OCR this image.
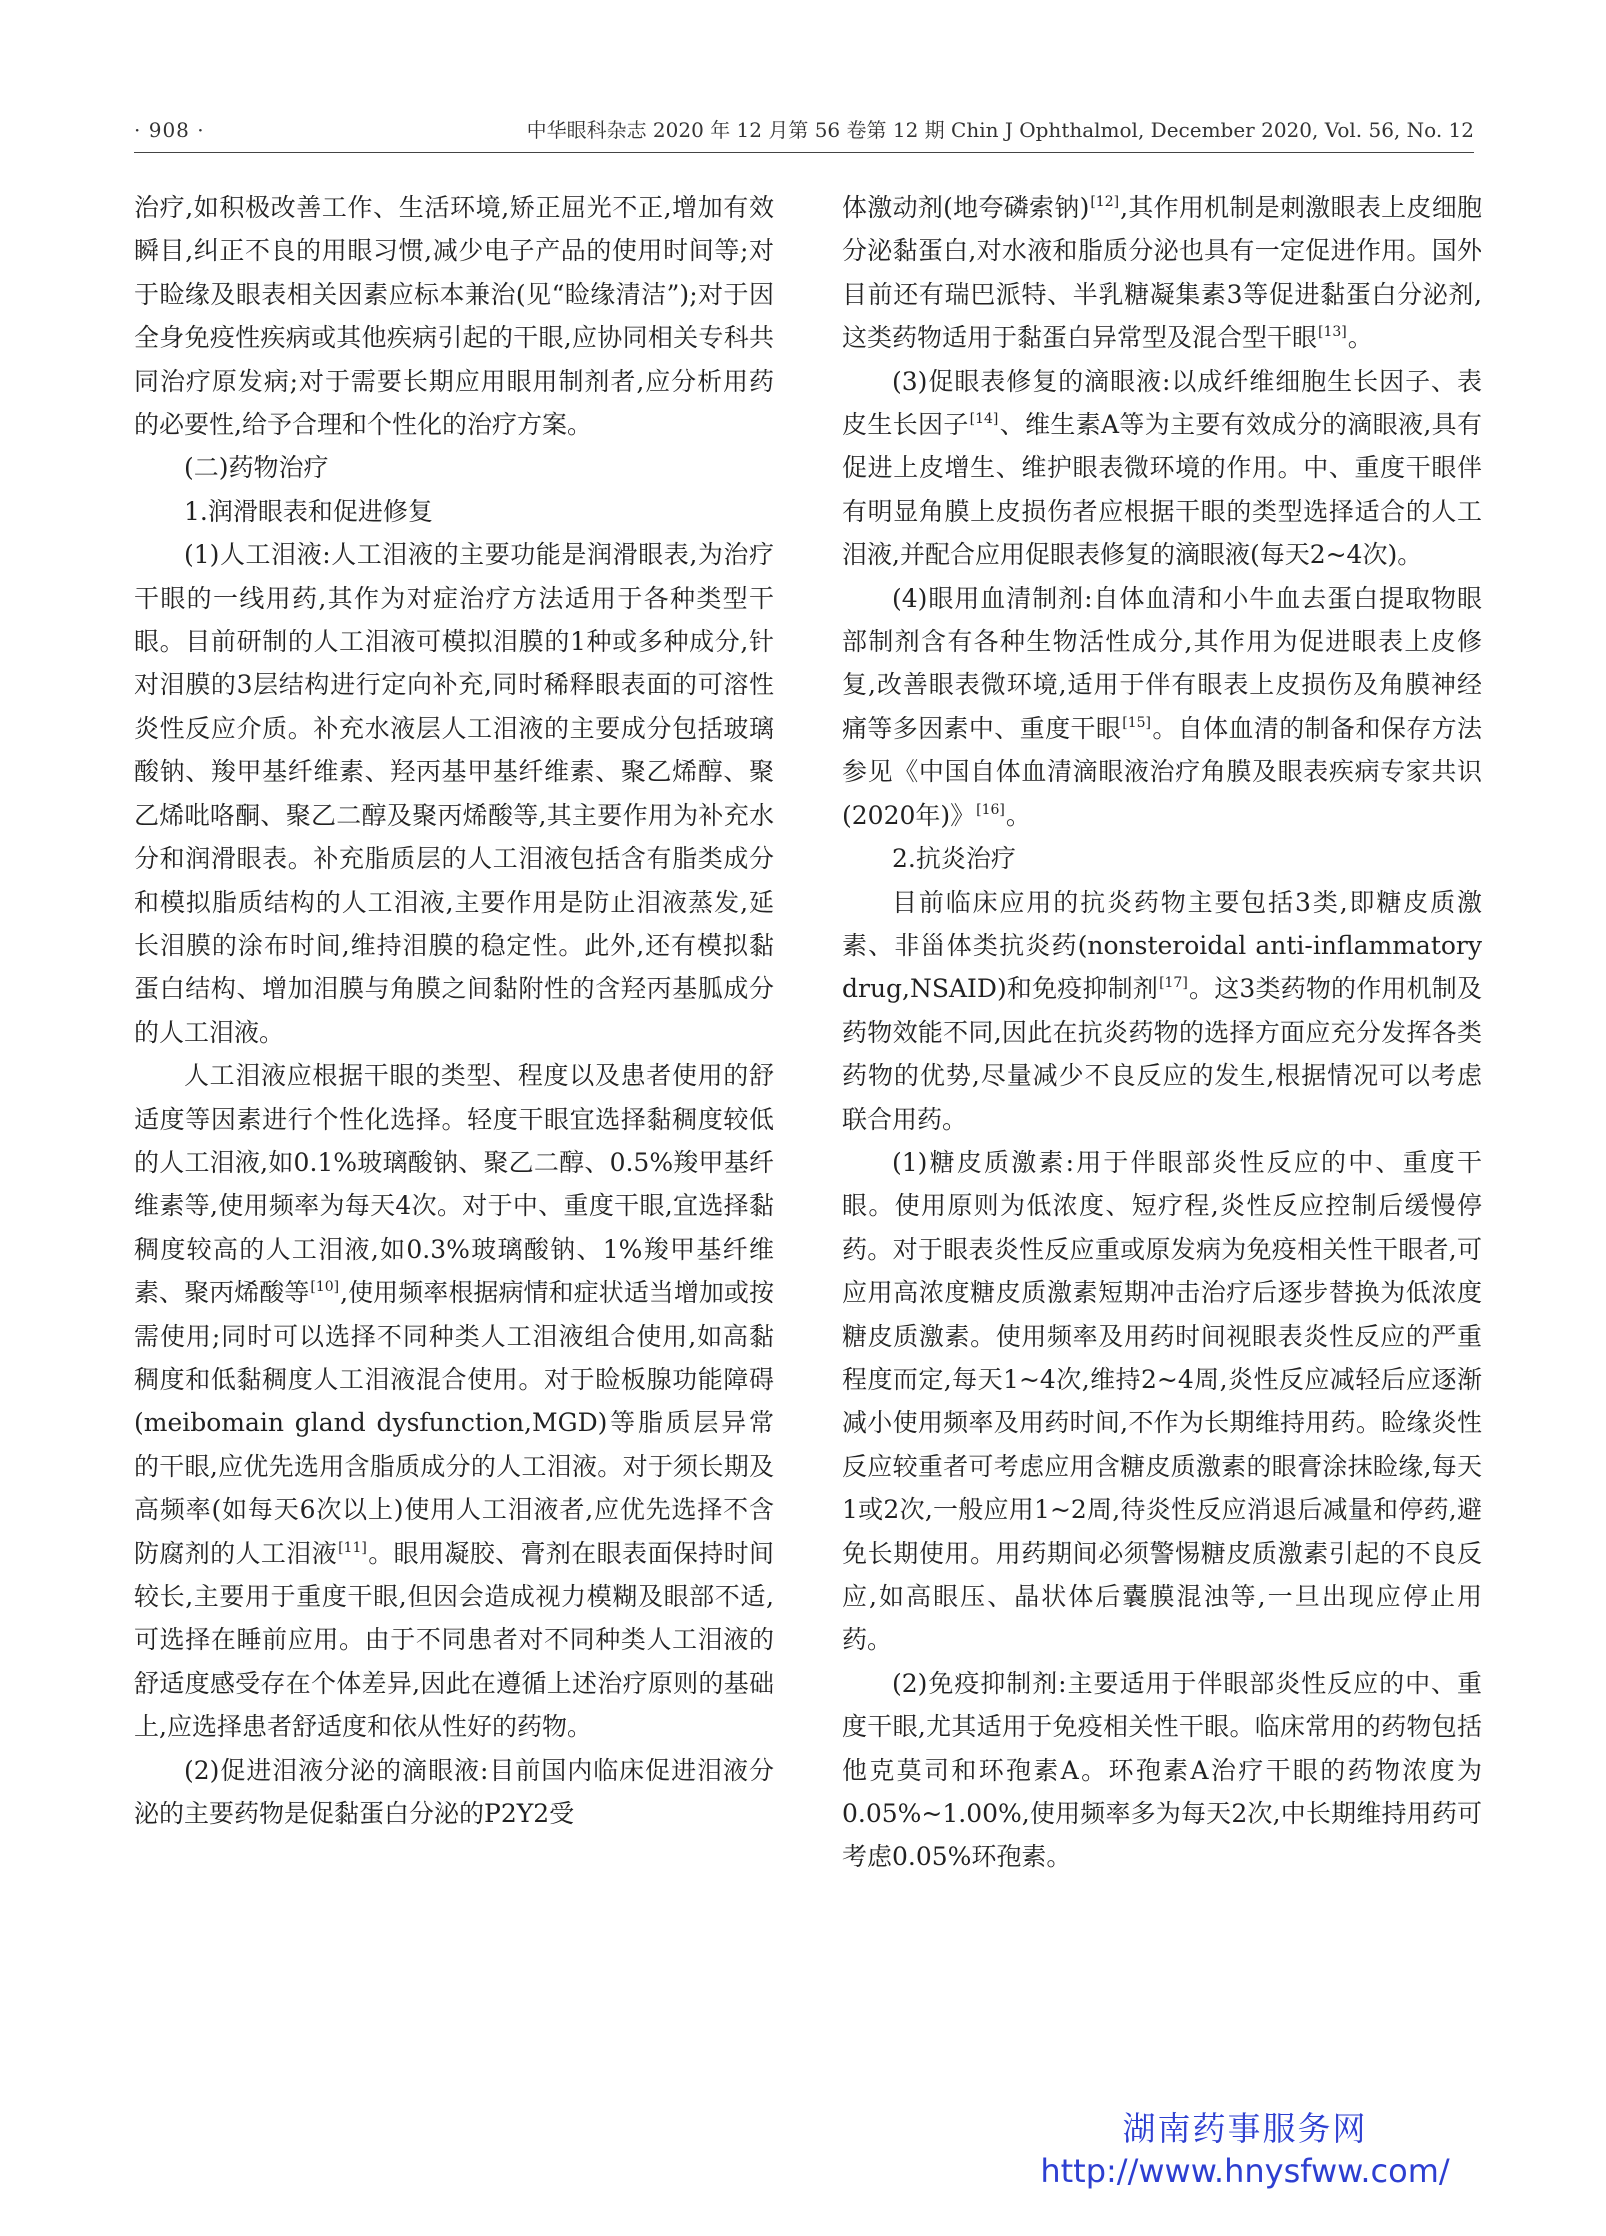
· 908 ·	中华眼科杂志 2020 年 12 月第 56 卷第 12 期 Chin J Ophthalmol, December 2020, Vol. 56, No. 12

治疗,如积极改善工作、生活环境,矫正屈光不正,增加有效瞬目,纠正不良的用眼习惯,减少电子产品的使用时间等;对于睑缘及眼表相关因素应标本兼治(见“睑缘清洁”);对于因全身免疫性疾病或其他疾病引起的干眼,应协同相关专科共同治疗原发病;对于需要长期应用眼用制剂者,应分析用药的必要性,给予合理和个性化的治疗方案。

(二)药物治疗

1.润滑眼表和促进修复

(1)人工泪液:人工泪液的主要功能是润滑眼表,为治疗干眼的一线用药,其作为对症治疗方法适用于各种类型干眼。目前研制的人工泪液可模拟泪膜的1种或多种成分,针对泪膜的3层结构进行定向补充,同时稀释眼表面的可溶性炎性反应介质。补充水液层人工泪液的主要成分包括玻璃酸钠、羧甲基纤维素、羟丙基甲基纤维素、聚乙烯醇、聚乙烯吡咯酮、聚乙二醇及聚丙烯酸等,其主要作用为补充水分和润滑眼表。补充脂质层的人工泪液包括含有脂类成分和模拟脂质结构的人工泪液,主要作用是防止泪液蒸发,延长泪膜的涂布时间,维持泪膜的稳定性。此外,还有模拟黏蛋白结构、增加泪膜与角膜之间黏附性的含羟丙基胍成分的人工泪液。

人工泪液应根据干眼的类型、程度以及患者使用的舒适度等因素进行个性化选择。轻度干眼宜选择黏稠度较低的人工泪液,如0.1%玻璃酸钠、聚乙二醇、0.5%羧甲基纤维素等,使用频率为每天4次。对于中、重度干眼,宜选择黏稠度较高的人工泪液,如0.3%玻璃酸钠、1%羧甲基纤维素、聚丙烯酸等[10],使用频率根据病情和症状适当增加或按需使用;同时可以选择不同种类人工泪液组合使用,如高黏稠度和低黏稠度人工泪液混合使用。对于睑板腺功能障碍(meibomain gland dysfunction,MGD)等脂质层异常的干眼,应优先选用含脂质成分的人工泪液。对于须长期及高频率(如每天6次以上)使用人工泪液者,应优先选择不含防腐剂的人工泪液[11]。眼用凝胶、膏剂在眼表面保持时间较长,主要用于重度干眼,但因会造成视力模糊及眼部不适,可选择在睡前应用。由于不同患者对不同种类人工泪液的舒适度感受存在个体差异,因此在遵循上述治疗原则的基础上,应选择患者舒适度和依从性好的药物。

(2)促进泪液分泌的滴眼液:目前国内临床促进泪液分泌的主要药物是促黏蛋白分泌的P2Y2受

体激动剂(地夸磷索钠)[12],其作用机制是刺激眼表上皮细胞分泌黏蛋白,对水液和脂质分泌也具有一定促进作用。国外目前还有瑞巴派特、半乳糖凝集素3等促进黏蛋白分泌剂,这类药物适用于黏蛋白异常型及混合型干眼[13]。

(3)促眼表修复的滴眼液:以成纤维细胞生长因子、表皮生长因子[14]、维生素A等为主要有效成分的滴眼液,具有促进上皮增生、维护眼表微环境的作用。中、重度干眼伴有明显角膜上皮损伤者应根据干眼的类型选择适合的人工泪液,并配合应用促眼表修复的滴眼液(每天2~4次)。

(4)眼用血清制剂:自体血清和小牛血去蛋白提取物眼部制剂含有各种生物活性成分,其作用为促进眼表上皮修复,改善眼表微环境,适用于伴有眼表上皮损伤及角膜神经痛等多因素中、重度干眼[15]。自体血清的制备和保存方法参见《中国自体血清滴眼液治疗角膜及眼表疾病专家共识(2020年)》[16]。

2.抗炎治疗

目前临床应用的抗炎药物主要包括3类,即糖皮质激素、非甾体类抗炎药(nonsteroidal anti-inflammatory drug,NSAID)和免疫抑制剂[17]。这3类药物的作用机制及药物效能不同,因此在抗炎药物的选择方面应充分发挥各类药物的优势,尽量减少不良反应的发生,根据情况可以考虑联合用药。

(1)糖皮质激素:用于伴眼部炎性反应的中、重度干眼。使用原则为低浓度、短疗程,炎性反应控制后缓慢停药。对于眼表炎性反应重或原发病为免疫相关性干眼者,可应用高浓度糖皮质激素短期冲击治疗后逐步替换为低浓度糖皮质激素。使用频率及用药时间视眼表炎性反应的严重程度而定,每天1~4次,维持2~4周,炎性反应减轻后应逐渐减小使用频率及用药时间,不作为长期维持用药。睑缘炎性反应较重者可考虑应用含糖皮质激素的眼膏涂抹睑缘,每天1或2次,一般应用1~2周,待炎性反应消退后减量和停药,避免长期使用。用药期间必须警惕糖皮质激素引起的不良反应,如高眼压、晶状体后囊膜混浊等,一旦出现应停止用药。

(2)免疫抑制剂:主要适用于伴眼部炎性反应的中、重度干眼,尤其适用于免疫相关性干眼。临床常用的药物包括他克莫司和环孢素A。环孢素A治疗干眼的药物浓度为0.05%~1.00%,使用频率多为每天2次,中长期维持用药可考虑0.05%环孢素。

湖南药事服务网
http://www.hnysfww.com/
